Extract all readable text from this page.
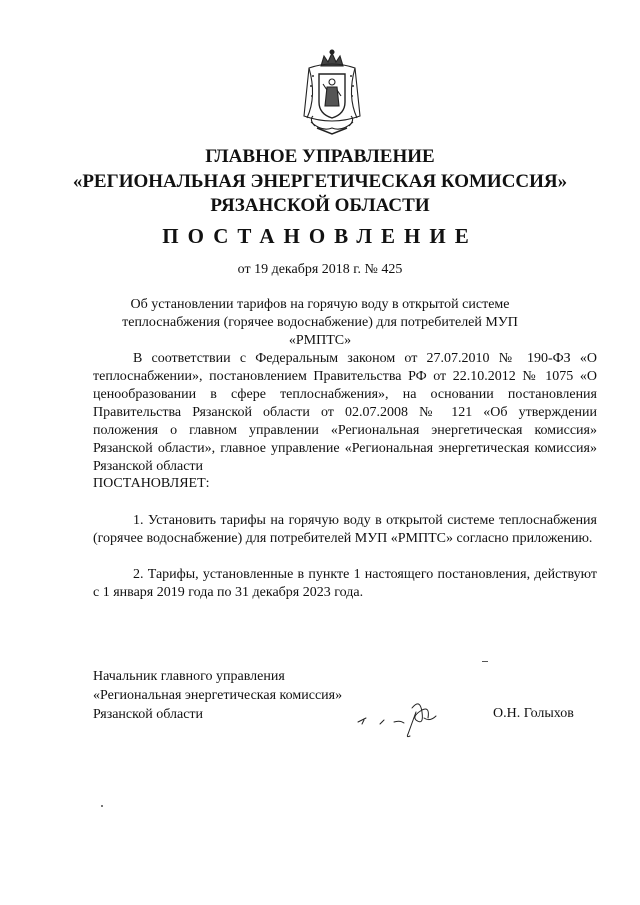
ГЛАВНОЕ УПРАВЛЕНИЕ
«РЕГИОНАЛЬНАЯ ЭНЕРГЕТИЧЕСКАЯ КОМИССИЯ»
РЯЗАНСКОЙ ОБЛАСТИ
ПОСТАНОВЛЕНИЕ
от 19 декабря 2018 г. № 425
Об установлении тарифов на горячую воду в открытой системе теплоснабжения (горячее водоснабжение) для потребителей МУП «РМПТС»

В соответствии с Федеральным законом от 27.07.2010 № 190-ФЗ «О теплоснабжении», постановлением Правительства РФ от 22.10.2012 № 1075 «О ценообразовании в сфере теплоснабжения», на основании постановления Правительства Рязанской области от 02.07.2008 № 121 «Об утверждении положения о главном управлении «Региональная энергетическая комиссия» Рязанской области», главное управление «Региональная энергетическая комиссия» Рязанской области

ПОСТАНОВЛЯЕТ:

1. Установить тарифы на горячую воду в открытой системе теплоснабжения (горячее водоснабжение) для потребителей МУП «РМПТС» согласно приложению.

2. Тарифы, установленные в пункте 1 настоящего постановления, действуют с 1 января 2019 года по 31 декабря 2023 года.

Начальник главного управления
«Региональная энергетическая комиссия»
Рязанской области	О.Н. Голыхов
